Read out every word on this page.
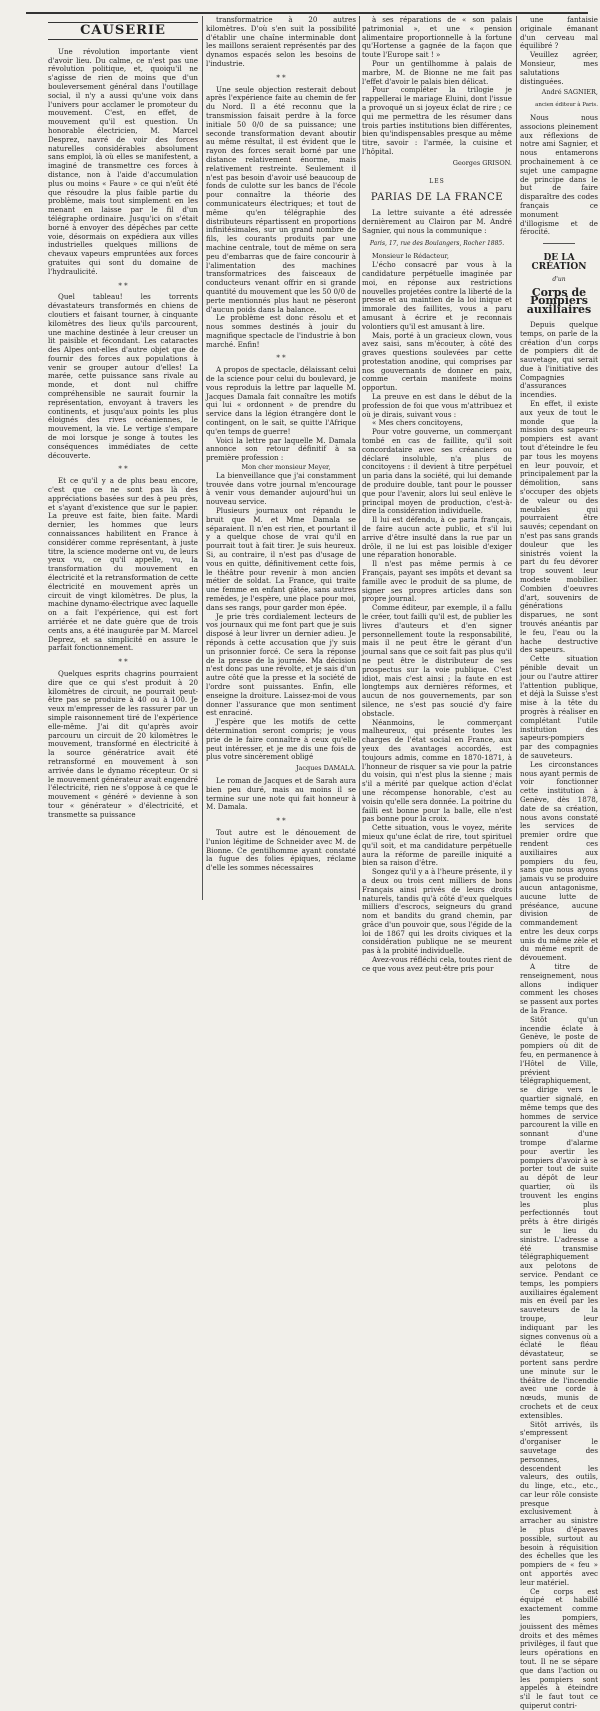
CAUSERIE

Une révolution importante vient d'avoir lieu. Du calme, ce n'est pas une révolution politique, et, quoiqu'il ne s'agisse de rien de moins que d'un bouleversement général dans l'outillage social, il n'y a aussi qu'une voix dans l'univers pour acclamer le promoteur du mouvement. C'est, en effet, de mouvement qu'il est question. Un honorable électricien, M. Marcel Desprez, navré de voir des forces naturelles considérables absolument sans emploi, là où elles se manifestent, a imaginé de transmettre ces forces à distance, non à l'aide d'accumulation plus ou moins « Faure » ce qui n'eût été que résoudre la plus faible partie du problème, mais tout simplement en les menant en laisse par le fil d'un télégraphe ordinaire. Jusqu'ici on s'était borné à envoyer des dépêches par cette voie, désormais on expédiera aux villes industrielles quelques millions de chevaux vapeurs empruntées aux forces gratuites qui sont du domaine de l'hydraulicité.

* *

Quel tableau! les torrents dévastateurs transformés en chiens de cloutiers et faisant tourner, à cinquante kilomètres des lieux qu'ils parcourent, une machine destinée à leur creuser un lit paisible et fécondant. Les cataractes des Alpes ont-elles d'autre objet que de fournir des forces aux populations à venir se grouper autour d'elles! La marée, cette puissance sans rivale au monde, et dont nul chiffre compréhensible ne saurait fournir la représentation, envoyant à travers les continents, et jusqu'aux points les plus éloignés des rives océaniennes, le mouvement, la vie. Le vertige s'empare de moi lorsque je songe à toutes les conséquences immédiates de cette découverte.

* *

Et ce qu'il y a de plus beau encore, c'est que ce ne sont pas là des appréciations basées sur des à peu près, et s'ayant d'existence que sur le papier. La preuve est faite, bien faite. Mardi dernier, les hommes que leurs connaissances habilitent en France à considérer comme représentant, à juste titre, la science moderne ont vu, de leurs yeux vu, ce qu'il appelle, vu, la transformation du mouvement en électricité et la retransformation de cette électricité en mouvement après un circuit de vingt kilomètres. De plus, la machine dynamo-électrique avec laquelle on a fait l'expérience, qui est fort arriérée et ne date guère que de trois cents ans, a été inaugurée par M. Marcel Deprez, et sa simplicité en assure le parfait fonctionnement.

* *

Quelques esprits chagrins pourraient dire que ce qui s'est produit à 20 kilomètres de circuit, ne pourrait peut-être pas se produire à 40 ou à 100. Je veux m'empresser de les rassurer par un simple raisonnement tiré de l'expérience elle-même. J'ai dit qu'après avoir parcouru un circuit de 20 kilomètres le mouvement, transformé en électricité à la source génératrice avait été retransformé en mouvement à son arrivée dans le dynamo récepteur. Or si le mouvement générateur avait engendré l'électricité, rien ne s'oppose à ce que le mouvement « généré » devienne à son tour « générateur » d'électricité, et transmette sa puissance

transformatrice à 20 autres kilomètres. D'où s'en suit la possibilité d'établir une chaîne interminable dont les maillons seraient représentés par des dynamos espacés selon les besoins de l'industrie.

* *

Une seule objection resterait debout après l'expérience faite au chemin de fer du Nord. Il a été reconnu que la transmission faisait perdre à la force initiale 50 0/0 de sa puissance; une seconde transformation devant aboutir au même résultat, il est évident que le rayon des forces serait borné par une distance relativement énorme, mais relativement restreinte. Seulement il n'est pas besoin d'avoir usé beaucoup de fonds de culotte sur les bancs de l'école pour connaître la théorie des communicateurs électriques; et tout de même qu'en télégraphie des distributeurs répartissent en proportions infinitésimales, sur un grand nombre de fils, les courants produits par une machine centrale, tout de même on sera peu d'embarras que de faire concourir à l'alimentation des machines transformatrices des faisceaux de conducteurs venant offrir en si grande quantité du mouvement que les 50 0/0 de perte mentionnés plus haut ne pèseront d'aucun poids dans la balance.

Le problème est donc résolu et et nous sommes destinés à jouir du magnifique spectacle de l'industrie à bon marché. Enfin!

* *

A propos de spectacle, délaissant celui de la science pour celui du boulevard, je vous reproduis la lettre par laquelle M. Jacques Damala fait connaître les motifs qui lui « ordonnent » de prendre du service dans la légion étrangère dont le contingent, on le sait, se quitte l'Afrique qu'en temps de guerre!

Voici la lettre par laquelle M. Damala annonce son retour définitif à sa première profession :

Mon cher monsieur Meyer,

La bienveillance que j'ai constamment trouvée dans votre journal m'encourage à venir vous demander aujourd'hui un nouveau service.

Plusieurs journaux ont répandu le bruit que M. et Mme Damala se séparaient. Il n'en est rien, et pourtant il y a quelque chose de vrai qu'il en pourrait tout à fait tirer. Je suis heureux. Si, au contraire, il n'est pas d'usage de vous en quitte, définitivement cette fois, le théâtre pour revenir à mon ancien métier de soldat. La France, qui traite une femme en enfant gâtée, sans autres remèdes, je l'espère, une place pour moi, dans ses rangs, pour garder mon épée.

Je prie très cordialement lecteurs de vos journaux qui me font part que je suis disposé à leur livrer un dernier adieu. Je réponds à cette accusation que j'y suis un prisonnier forcé. Ce sera la réponse de la presse de la journée. Ma décision n'est donc pas une révolte, et je sais d'un autre côté que la presse et la société de l'ordre sont puissantes. Enfin, elle enseigne la droiture. Laissez-moi de vous donner l'assurance que mon sentiment est enraciné.

J'espère que les motifs de cette détermination seront compris; je vous prie de le faire connaître à ceux qu'elle peut intéresser, et je me dis une fois de plus votre sincèrement obligé

Jacques DAMALA.

Le roman de Jacques et de Sarah aura bien peu duré, mais au moins il se termine sur une note qui fait honneur à M. Damala.

* *

Tout autre est le dénouement de l'union légitime de Schneider avec M. de Bionne. Ce gentilhomme ayant constaté la fugue des folies épiques, réclame d'elle les sommes nécessaires

à ses réparations de « son palais patrimonial », et une « pension alimentaire proportionnelle à la fortune qu'Hortense a gagnée de la façon que toute l'Europe sait ! »

Pour un gentilhomme à palais de marbre, M. de Bionne ne me fait pas l'effet d'avoir le palais bien délicat.

Pour compléter la trilogie je rappellerai le mariage Eluini, dont l'issue a provoqué un si joyeux éclat de rire ; ce qui me permettra de les résumer dans trois parties institutions bien différentes, bien qu'indispensables presque au même titre, savoir : l'armée, la cuisine et l'hôpital.

Georges GRISON.
LES
PARIAS DE LA FRANCE

La lettre suivante a été adressée dernièrement au Clairon par M. André Sagnier, qui nous la communique :

Paris, 17, rue des Boulangers, Rocher 1885.

Monsieur le Rédacteur,

L'écho consacré par vous à la candidature perpétuelle imaginée par moi, en réponse aux restrictions nouvelles projetées contre la liberté de la presse et au maintien de la loi inique et immorale des faillites, vous a paru amusant à écrire et je reconnais volontiers qu'il est amusant à lire.

Mais, porté à un gracieux clown, vous avez saisi, sans m'écouter, à côté des graves questions soulevées par cette protestation anodine, qui comprises par nos gouvernants de donner en paix, comme certain manifeste moins opportun.

La preuve en est dans le début de la profession de foi que vous m'attribuez et où je dirais, suivant vous :

« Mes chers concitoyens,

Pour votre gouverne, un commerçant tombé en cas de faillite, qu'il soit concordataire avec ses créanciers ou déclaré insoluble, n'a plus de concitoyens : il devient à titre perpétuel un paria dans la société, qui lui demande de produire double, tant pour le pousser que pour l'avenir, alors lui seul enlève le principal moyen de production, c'est-à-dire la considération individuelle.

Il lui est défendu, à ce paria français, de faire aucun acte public, et s'il lui arrive d'être insulté dans la rue par un drôle, il ne lui est pas loisible d'exiger une réparation honorable.

Il n'est pas même permis à ce Français, payant ses impôts et devant sa famille avec le produit de sa plume, de signer ses propres articles dans son propre journal.

Comme éditeur, par exemple, il a fallu le créer, tout failli qu'il est, de publier les livres d'auteurs et d'en signer personnellement toute la responsabilité, mais il ne peut être le gérant d'un journal sans que ce soit fait pas plus qu'il ne peut être le distributeur de ses prospectus sur la voie publique. C'est idiot, mais c'est ainsi ; la faute en est longtemps aux dernières réformes, et aucun de nos gouvernements, par son silence, ne s'est pas soucié d'y faire obstacle.

Néanmoins, le commerçant malheureux, qui présente toutes les charges de l'état social en France, aux yeux des avantages accordés, est toujours admis, comme en 1870-1871, à l'honneur de risquer sa vie pour la patrie du voisin, qui n'est plus la sienne ; mais s'il a mérité par quelque action d'éclat une récompense honorable, c'est au voisin qu'elle sera donnée. La poitrine du failli est bonne pour la balle, elle n'est pas bonne pour la croix.

Cette situation, vous le voyez, mérite mieux qu'une éclat de rire, tout spirituel qu'il soit, et ma candidature perpétuelle aura la réforme de pareille iniquité a bien sa raison d'être.

Songez qu'il y a à l'heure présente, il y a deux ou trois cent milliers de bons Français ainsi privés de leurs droits naturels, tandis qu'à côté d'eux quelques milliers d'escrocs, seigneurs du grand nom et bandits du grand chemin, par grâce d'un pouvoir que, sous l'égide de la loi de 1867 qui les droits civiques et la considération publique ne se meurent pas à la probité individuelle.

Avez-vous réfléchi cela, toutes rient de ce que vous avez peut-être pris pour

une fantaisie originale émanant d'un cerveau mal équilibré ?

Veuillez agréer, Monsieur, mes salutations distinguées.

André SAGNIER,
ancien éditeur à Paris.

Nous nous associons pleinement aux réflexions de notre ami Sagnier, et nous entamerons prochainement à ce sujet une campagne de principe dans le but de faire disparaître des codes français ce monument d'illogisme et de férocité.

DE LA CRÉATION
d'un
Corps de Pompiers auxiliaires

Depuis quelque temps, on parle de la création d'un corps de pompiers dit de sauvetage, qui serait due à l'initiative des Compagnies d'assurances incendies.

En effet, il existe aux yeux de tout le monde que la mission des sapeurs-pompiers est avant tout d'éteindre le feu par tous les moyens en leur pouvoir, et principalement par la démolition, sans s'occuper des objets de valeur ou des meubles qui pourraient être sauvés; cependant on n'est pas sans grands douleur que les sinistrés voient la part du feu dévorer trop souvent leur modeste mobilier. Combien d'oeuvres d'art, souvenirs de générations disparues, ne sont trouvés anéantis par le feu, l'eau ou la hache destructive des sapeurs.

Cette situation pénible devait un jour ou l'autre attirer l'attention publique, et déjà la Suisse s'est mise à la tête du progrès à réaliser en complétant l'utile institution des sapeurs-pompiers par des compagnies de sauveteurs.

Les circonstances nous ayant permis de voir fonctionner cette institution à Genève, dès 1878, date de sa création, nous avons constaté les services de premier ordre que rendent ces auxiliaires aux pompiers du feu, sans que nous ayons jamais vu se produire aucun antagonisme, aucune lutte de préséance, aucune division de commandement entre les deux corps unis du même zèle et du même esprit de dévouement.

A titre de renseignement, nous allons indiquer comment les choses se passent aux portes de la France.

Sitôt qu'un incendie éclate à Genève, le poste de pompiers où dit de feu, en permanence à l'Hôtel de Ville, prévient télégraphiquement, se dirige vers le quartier signalé, en même temps que des hommes de service parcourent la ville en sonnant d'une trompe d'alarme pour avertir les pompiers d'avoir à se porter tout de suite au dépôt de leur quartier, où ils trouvent les engins les plus perfectionnés tout prêts à être dirigés sur le lieu du sinistre. L'adresse a été transmise télégraphiquement aux pelotons de service. Pendant ce temps, les pompiers auxiliaires également mis en éveil par les sauveteurs de la troupe, leur indiquant par les signes convenus où a éclaté le fléau dévastateur, se portent sans perdre une minute sur le théâtre de l'incendie avec une corde à nœuds, munis de crochets et de ceux extensibles.

Sitôt arrivés, ils s'empressent d'organiser le sauvetage des personnes, descendent les valeurs, des outils, du linge, etc., etc., car leur rôle consiste presque exclusivement à arracher au sinistre le plus d'épaves possible, surtout au besoin à réquisition des échelles que les pompiers de « feu » ont apportés avec leur matériel.

Ce corps est équipé et habillé exactement comme les pompiers, jouissent des mêmes droits et des mêmes privilèges, il faut que leurs opérations en tout. Il ne se sépare que dans l'action ou les pompiers sont appelés à éteindre s'il le faut tout ce quiperut contri-
